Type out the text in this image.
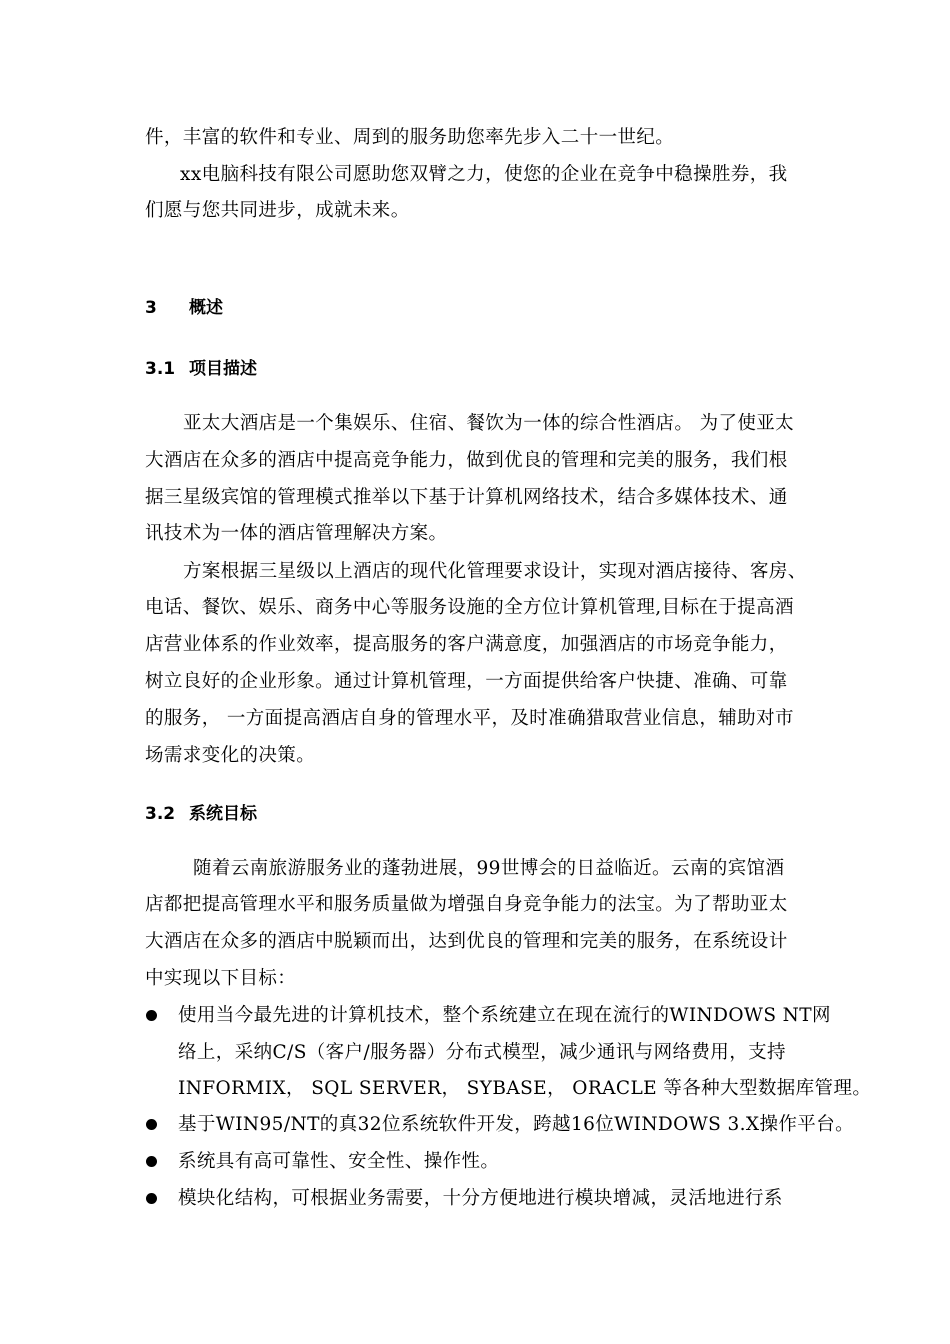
件，丰富的软件和专业、周到的服务助您率先步入二十一世纪。
xx电脑科技有限公司愿助您双臂之力，使您的企业在竞争中稳操胜券，我
们愿与您共同进步，成就未来。
3 概述
3.1 项目描述
亚太大酒店是一个集娱乐、住宿、餐饮为一体的综合性酒店。 为了使亚太
大酒店在众多的酒店中提高竞争能力，做到优良的管理和完美的服务，我们根
据三星级宾馆的管理模式推举以下基于计算机网络技术，结合多媒体技术、通
讯技术为一体的酒店管理解决方案。
方案根据三星级以上酒店的现代化管理要求设计，实现对酒店接待、客房、
电话、餐饮、娱乐、商务中心等服务设施的全方位计算机管理,目标在于提高酒
店营业体系的作业效率，提高服务的客户满意度，加强酒店的市场竞争能力，
树立良好的企业形象。通过计算机管理，一方面提供给客户快捷、准确、可靠
的服务， 一方面提高酒店自身的管理水平，及时准确猎取营业信息，辅助对市
场需求变化的决策。
3.2 系统目标
随着云南旅游服务业的蓬勃进展，99世博会的日益临近。云南的宾馆酒
店都把提高管理水平和服务质量做为增强自身竞争能力的法宝。为了帮助亚太
大酒店在众多的酒店中脱颖而出，达到优良的管理和完美的服务，在系统设计
中实现以下目标：
使用当今最先进的计算机技术，整个系统建立在现在流行的WINDOWS NT网
络上，采纳C/S（客户/服务器）分布式模型，减少通讯与网络费用，支持
INFORMIX， SQL SERVER， SYBASE， ORACLE 等各种大型数据库管理。
基于WIN95/NT的真32位系统软件开发，跨越16位WINDOWS 3.X操作平台。
系统具有高可靠性、安全性、操作性。
模块化结构，可根据业务需要，十分方便地进行模块增减，灵活地进行系
